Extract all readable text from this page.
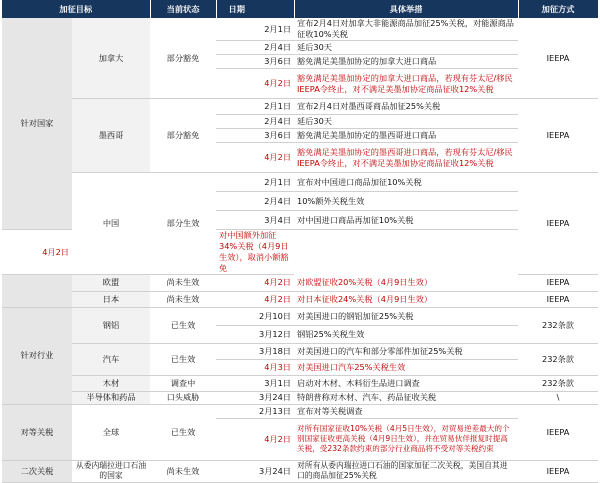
加征目标		当前状态	日期	具体举措	加征方式
针对国家	加拿大	部分豁免	2月1日	宣布2月4日对加拿大非能源商品加征25%关税，对能源商品征收10%关税	IEEPA
			2月4日	延后30天	
			3月6日	豁免满足美墨加协定的加拿大进口商品	
			4月2日	豁免满足美墨加协定的加拿大进口商品，若现有芬太尼/移民IEEPA令终止，对不满足美墨加协定商品征收12%关税	
	墨西哥	部分豁免	2月1日	宣布2月4日对墨西哥商品加征25%关税	IEEPA
			2月4日	延后30天	
			3月6日	豁免满足美墨加协定的墨西哥进口商品	
			4月2日	豁免满足美墨加协定的墨西哥进口商品，若现有芬太尼/移民IEEPA令终止，对不满足美墨加协定商品征收12%关税	
	中国	部分生效	2月1日	宣布对中国进口商品加征10%关税	IEEPA
			2月4日	10%额外关税生效	
			3月4日	对中国进口商品再加征10%关税	
4月2日			对中国额外加征34%关税（4月9日生效），取消小额豁免		
	欧盟	尚未生效	4月2日	对欧盟征收20%关税（4月9日生效）	IEEPA
	日本	尚未生效	4月2日	对日本征收24%关税（4月9日生效）	IEEPA
针对行业	钢铝	已生效	2月10日	对美国进口的钢铝加征25%关税	232条款
			3月12日	钢铝25%关税生效	
	汽车	已生效	3月18日	对美国进口的汽车和部分零部件加征25%关税	232条款
			4月3日	对美国进口汽车25%关税生效	
	木材	调查中	3月1日	启动对木材、木料衍生品进口调查	232条款
	半导体和药品	口头威胁	3月24日	特朗普称对木材、汽车、药品征收关税	\
对等关税	全球	已生效	2月13日	宣布对等关税调查	IEEPA
			4月2日	对所有国家征收10%关税（4月5日生效），对贸易逆差最大的个别国家征收更高关税（4月9日生效），并在贸易伙伴报复时提高关税，受232条款约束的部分行业商品将不受对等关税约束	
二次关税	从委内瑞拉进口石油的国家	尚未生效	3月24日	对所有从委内瑞拉进口石油的国家加征二次关税，美国自其进口的商品加征25%关税	IEEPA
